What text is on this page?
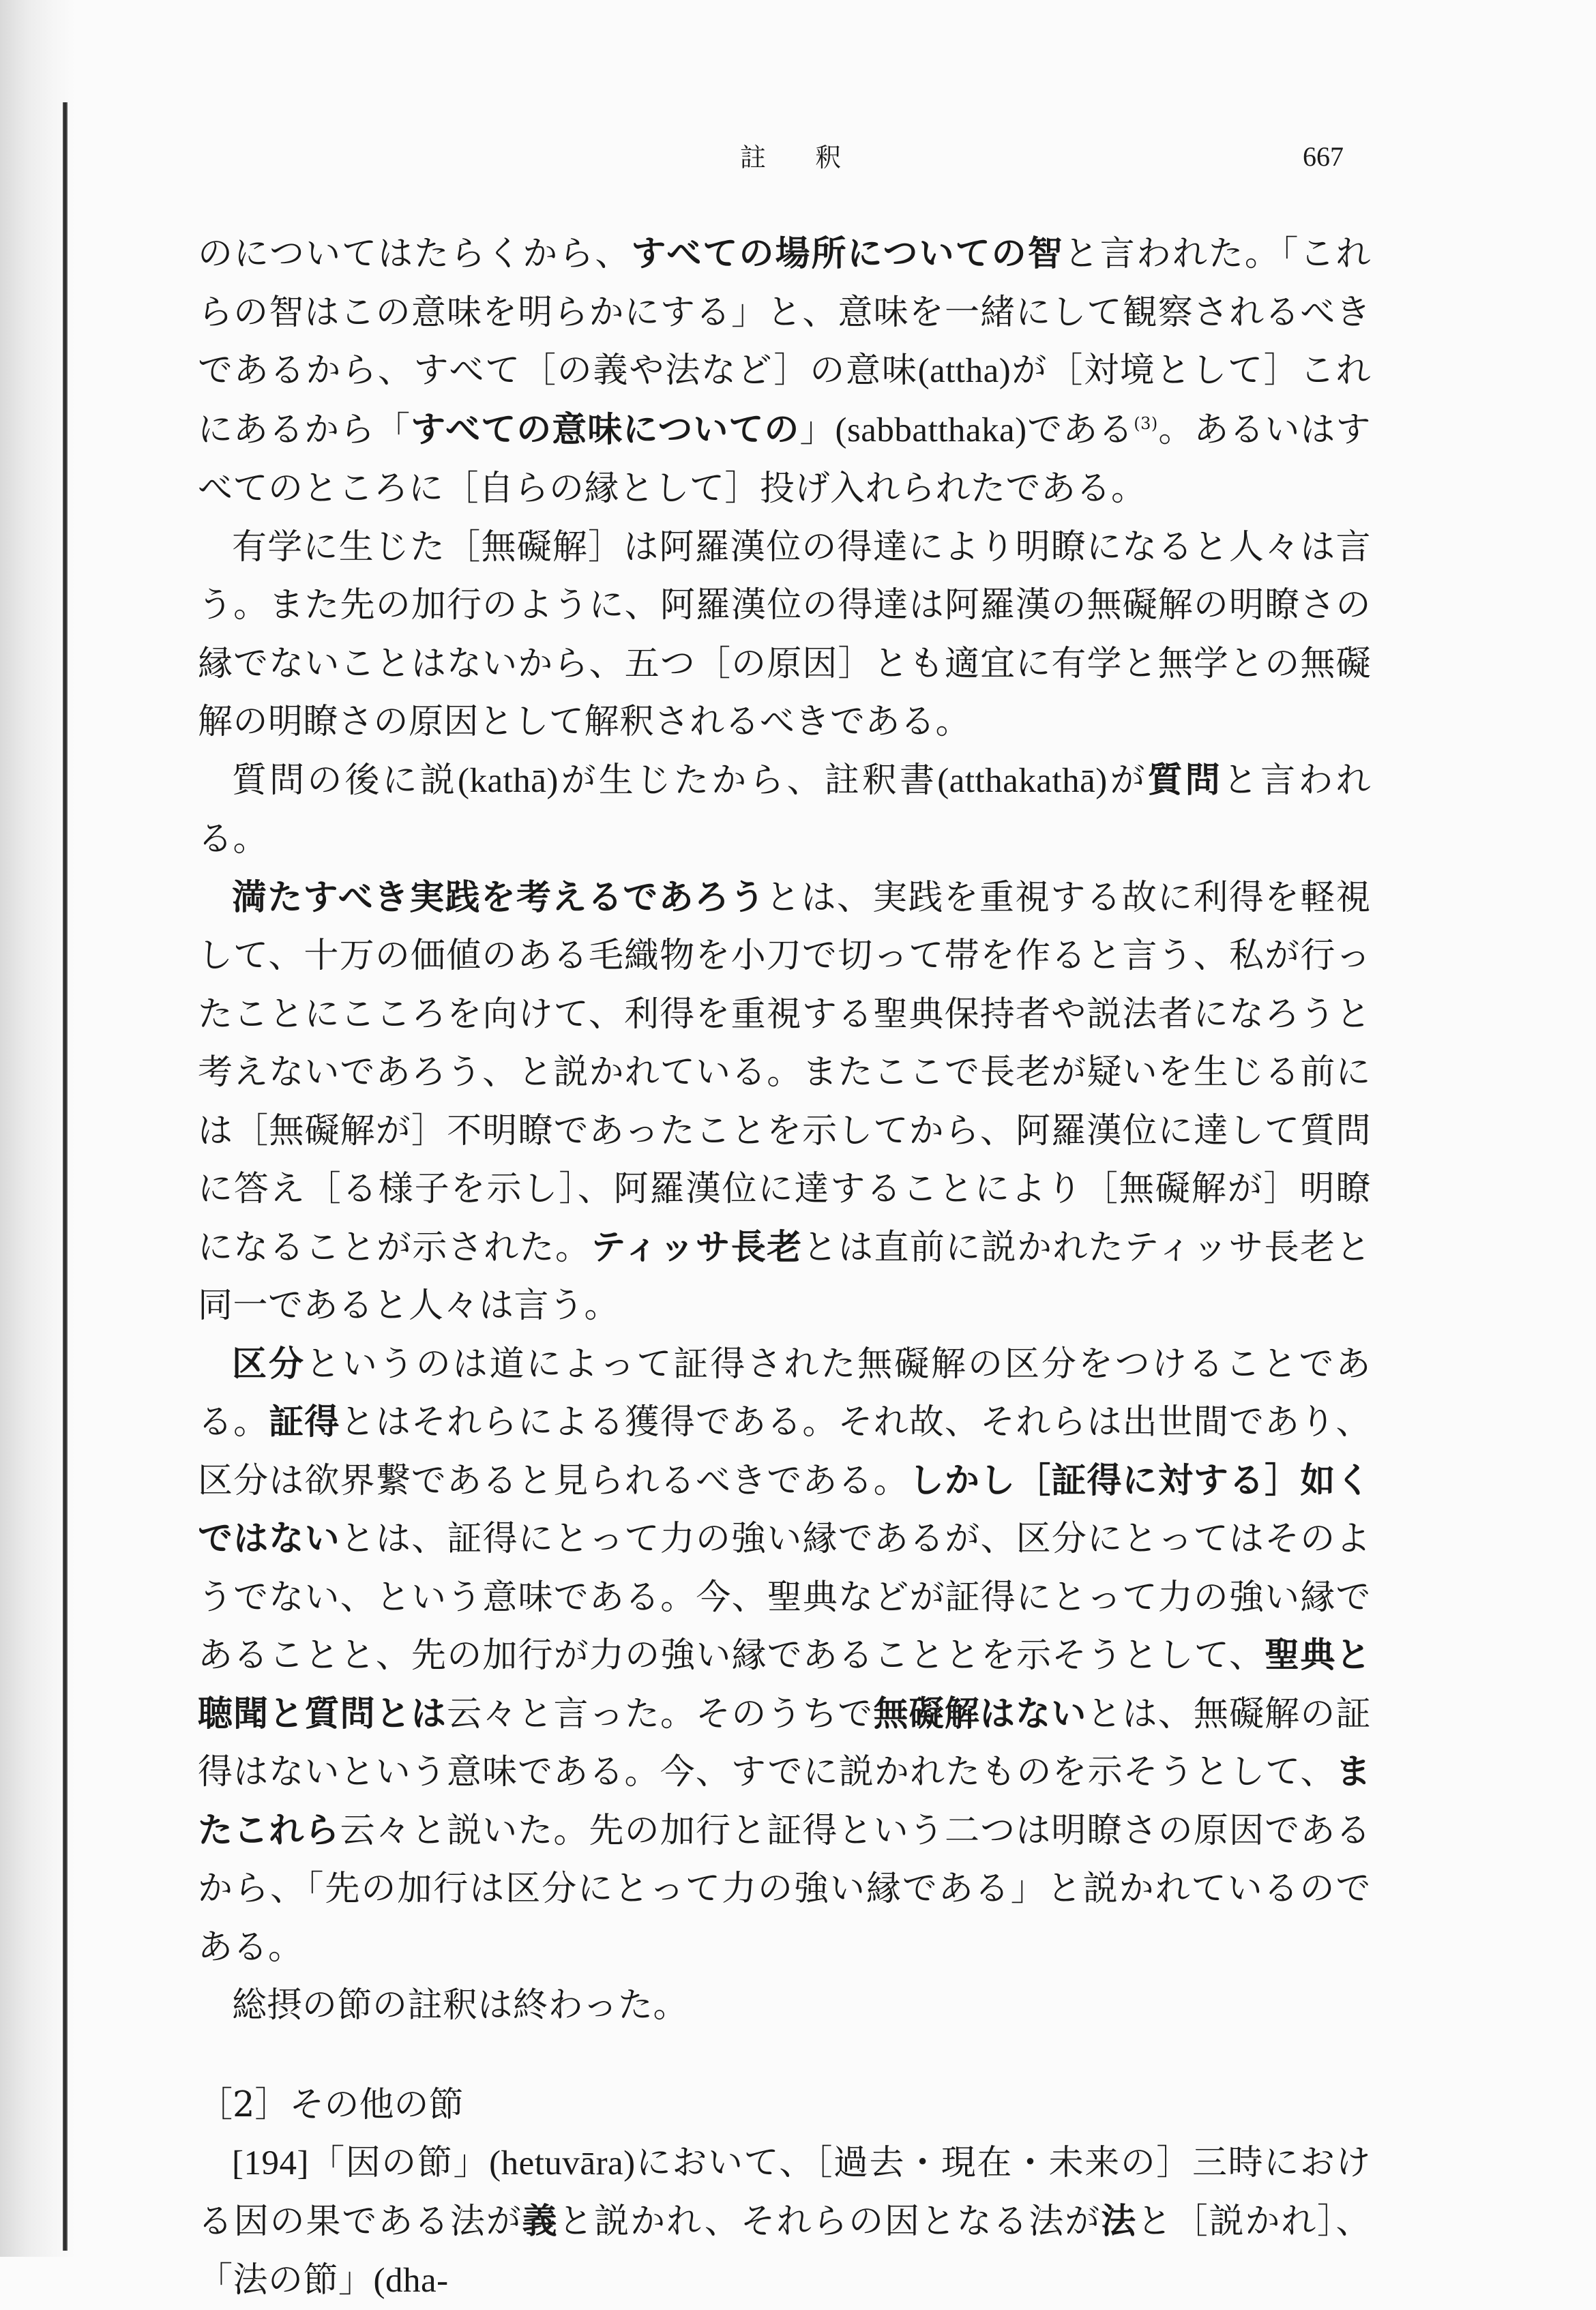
註 釈	667

のについてはたらくから、すべての場所についての智と言われた。「これらの智はこの意味を明らかにする」と、意味を一緒にして観察されるべきであるから、すべて［の義や法など］の意味(attha)が［対境として］これにあるから「すべての意味についての」(sabbatthaka)である$^{(3)}$。あるいはすべてのところに［自らの縁として］投げ入れられたである。

有学に生じた［無礙解］は阿羅漢位の得達により明瞭になると人々は言う。また先の加行のように、阿羅漢位の得達は阿羅漢の無礙解の明瞭さの縁でないことはないから、五つ［の原因］とも適宜に有学と無学との無礙解の明瞭さの原因として解釈されるべきである。

質問の後に説(kathā)が生じたから、註釈書(atthakathā)が質問と言われる。

満たすべき実践を考えるであろうとは、実践を重視する故に利得を軽視して、十万の価値のある毛織物を小刀で切って帯を作ると言う、私が行ったことにこころを向けて、利得を重視する聖典保持者や説法者になろうと考えないであろう、と説かれている。またここで長老が疑いを生じる前には［無礙解が］不明瞭であったことを示してから、阿羅漢位に達して質問に答え［る様子を示し］、阿羅漢位に達することにより［無礙解が］明瞭になることが示された。ティッサ長老とは直前に説かれたティッサ長老と同一であると人々は言う。

区分というのは道によって証得された無礙解の区分をつけることである。証得とはそれらによる獲得である。それ故、それらは出世間であり、区分は欲界繋であると見られるべきである。しかし［証得に対する］如くではないとは、証得にとって力の強い縁であるが、区分にとってはそのようでない、という意味である。今、聖典などが証得にとって力の強い縁であることと、先の加行が力の強い縁であることとを示そうとして、聖典と聴聞と質問とは云々と言った。そのうちで無礙解はないとは、無礙解の証得はないという意味である。今、すでに説かれたものを示そうとして、またこれら云々と説いた。先の加行と証得という二つは明瞭さの原因であるから、「先の加行は区分にとって力の強い縁である」と説かれているのである。

総摂の節の註釈は終わった。

［2］その他の節

[194]「因の節」(hetuvāra)において、［過去・現在・未来の］三時における因の果である法が義と説かれ、それらの因となる法が法と［説かれ］、「法の節」(dha-
